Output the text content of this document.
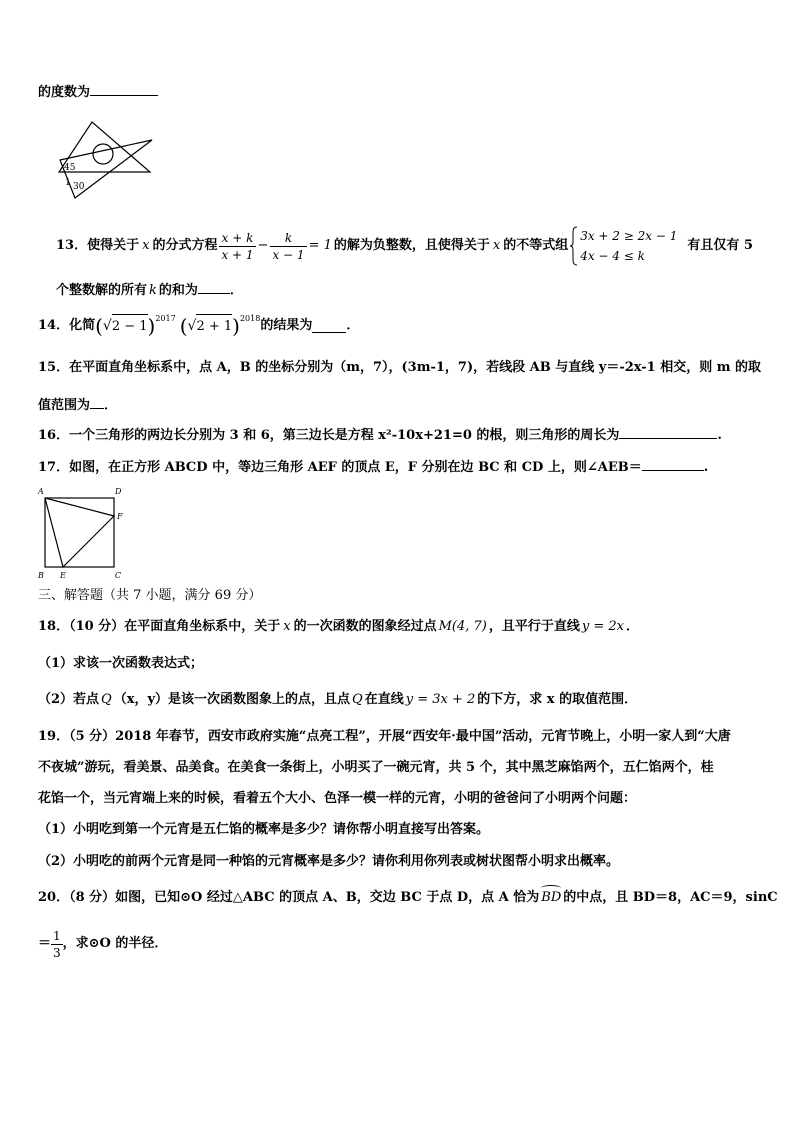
的度数为
45
1 30
13．使得关于 x 的分式方程 $\frac{x + k}{x + 1} - \frac{k}{x - 1} = 1$ 的解为负整数，且使得关于 x 的不等式组
3x + 2 ≥ 2x − 1
4x − 4 ≤ k
有且仅有 5
个整数解的所有 k 的和为 ．
14．化简 ( √ 2 − 1 ) 2017 ( √ 2 + 1 ) 2018 的结果为	．
15．在平面直角坐标系中，点 A，B 的坐标分别为（m，7），(3m-1，7)，若线段 AB 与直线 y＝-2x-1 相交，则 m 的取
值范围为 ．
16．一个三角形的两边长分别为 3 和 6，第三边长是方程 x²-10x+21=0 的根，则三角形的周长为	.
17．如图，在正方形 ABCD 中，等边三角形 AEF 的顶点 E，F 分别在边 BC 和 CD 上，则∠AEB＝	.
A	D
F
B E	C
三、解答题（共 7 小题，满分 69 分）
18．（10 分）在平面直角坐标系中，关于 x 的一次函数的图象经过点 M(4, 7) ，且平行于直线 y = 2x ．
（1）求该一次函数表达式；
（2）若点 Q （x，y）是该一次函数图象上的点，且点 Q 在直线 y = 3x + 2 的下方，求 x 的取值范围．
19．（5 分）2018 年春节，西安市政府实施“点亮工程”，开展“西安年·最中国”活动，元宵节晚上，小明一家人到“大唐
不夜城”游玩，看美景、品美食。在美食一条街上，小明买了一碗元宵，共 5 个，其中黑芝麻馅两个，五仁馅两个，桂
花馅一个，当元宵端上来的时候，看着五个大小、色泽一模一样的元宵，小明的爸爸问了小明两个问题：
（1）小明吃到第一个元宵是五仁馅的概率是多少？请你帮小明直接写出答案。
（2）小明吃的前两个元宵是同一种馅的元宵概率是多少？请你利用你列表或树状图帮小明求出概率。
20．（8 分）如图，已知⊙O 经过△ABC 的顶点 A、B，交边 BC 于点 D，点 A 恰为 BD 的中点，且 BD＝8，AC＝9，sinC
＝ $\frac{1}{3}$ ，求⊙O 的半径．
